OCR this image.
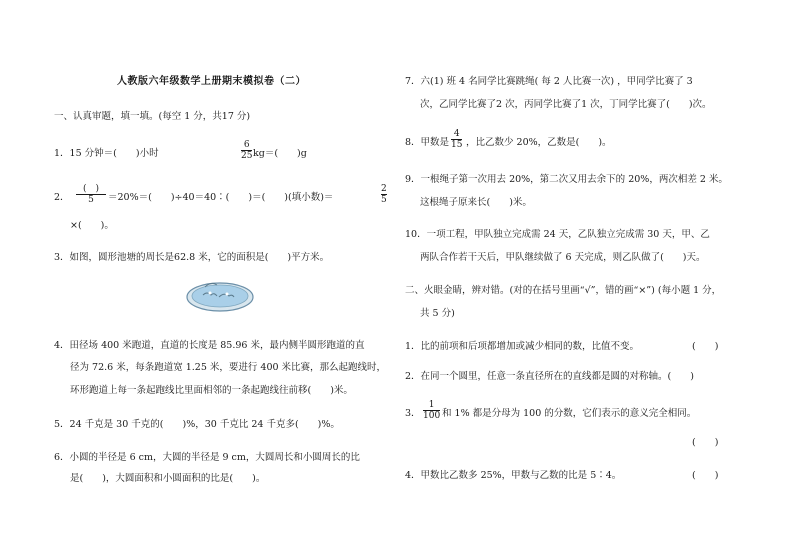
人教版六年级数学上册期末模拟卷（二）
一、认真审题，填一填。(每空 1 分，共17 分)
1．15 分钟＝(　　)小时
6
25 kg＝(　　)g
2．
(　)
5 ＝20%＝(　　)÷40＝40∶(　　)＝(　　)(填小数)＝
2
5
×(　　)。
3．如图，圆形池塘的周长是62.8 米，它的面积是(　　)平方米。
4．田径场 400 米跑道，直道的长度是 85.96 米，最内侧半圆形跑道的直
径为 72.6 米，每条跑道宽 1.25 米，要进行 400 米比赛，那么起跑线时，
环形跑道上每一条起跑线比里面相邻的一条起跑线往前移(　　)米。
5．24 千克是 30 千克的(　　)%，30 千克比 24 千克多(　　)%。
6．小圆的半径是 6 cm，大圆的半径是 9 cm，大圆周长和小圆周长的比
是(　　)，大圆面积和小圆面积的比是(　　)。
7．六(1) 班 4 名同学比赛跳绳( 每 2 人比赛一次) ，甲同学比赛了 3
次，乙同学比赛了2 次，丙同学比赛了1 次，丁同学比赛了(　　)次。
8．甲数是
4
15 ，比乙数少 20%，乙数是(　　)。
9．一根绳子第一次用去 20%，第二次又用去余下的 20%，两次相差 2 米。
这根绳子原来长(　　)米。
10．一项工程，甲队独立完成需 24 天，乙队独立完成需 30 天，甲、乙
两队合作若干天后，甲队继续做了 6 天完成，则乙队做了(　　)天。
二、火眼金睛，辨对错。(对的在括号里画“√”，错的画“×”) (每小题 1 分，
共 5 分)
1．比的前项和后项都增加或减少相同的数，比值不变。	(　　)
2．在同一个圆里，任意一条直径所在的直线都是圆的对称轴。(　　)
3．
1
100 和 1% 都是分母为 100 的分数，它们表示的意义完全相同。
(　　)
4．甲数比乙数多 25%，甲数与乙数的比是 5∶4。	(　　)
